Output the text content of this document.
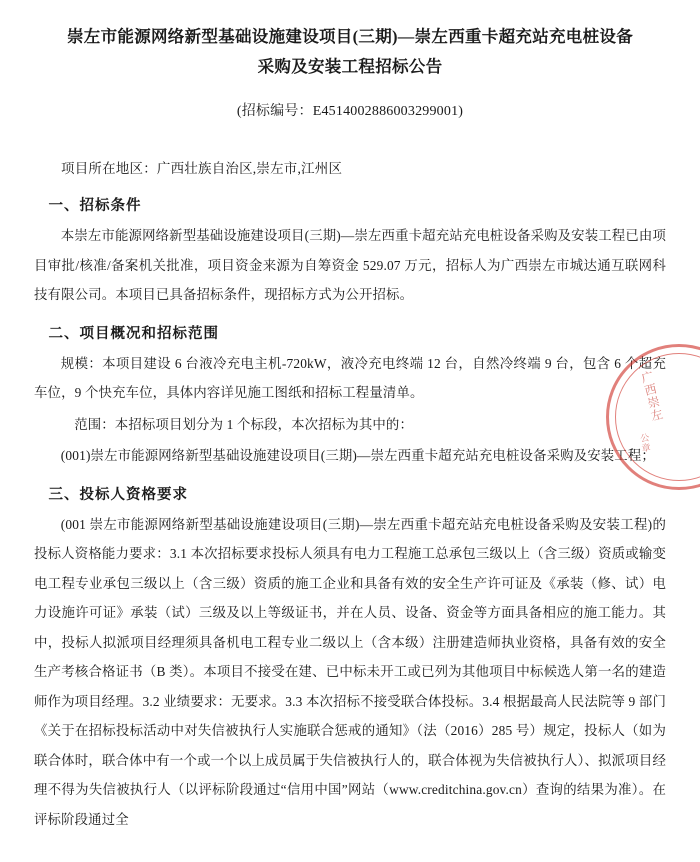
崇左市能源网络新型基础设施建设项目(三期)—崇左西重卡超充站充电桩设备采购及安装工程招标公告
(招标编号：E4514002886003299001)
项目所在地区：广西壮族自治区,崇左市,江州区
一、招标条件

本崇左市能源网络新型基础设施建设项目(三期)—崇左西重卡超充站充电桩设备采购及安装工程已由项目审批/核准/备案机关批准，项目资金来源为自筹资金 529.07 万元，招标人为广西崇左市城达通互联网科技有限公司。本项目已具备招标条件，现招标方式为公开招标。

二、项目概况和招标范围

规模：本项目建设 6 台液冷充电主机-720kW，液冷充电终端 12 台，自然冷终端 9 台，包含 6 个超充车位，9 个快充车位，具体内容详见施工图纸和招标工程量清单。

范围：本招标项目划分为 1 个标段，本次招标为其中的：

(001)崇左市能源网络新型基础设施建设项目(三期)—崇左西重卡超充站充电桩设备采购及安装工程；

三、投标人资格要求

(001 崇左市能源网络新型基础设施建设项目(三期)—崇左西重卡超充站充电桩设备采购及安装工程)的投标人资格能力要求：3.1 本次招标要求投标人须具有电力工程施工总承包三级以上（含三级）资质或输变电工程专业承包三级以上（含三级）资质的施工企业和具备有效的安全生产许可证及《承装（修、试）电力设施许可证》承装（试）三级及以上等级证书，并在人员、设备、资金等方面具备相应的施工能力。其中，投标人拟派项目经理须具备机电工程专业二级以上（含本级）注册建造师执业资格，具备有效的安全生产考核合格证书（B 类）。本项目不接受在建、已中标未开工或已列为其他项目中标候选人第一名的建造师作为项目经理。3.2 业绩要求：无要求。3.3 本次招标不接受联合体投标。3.4 根据最高人民法院等 9 部门《关于在招标投标活动中对失信被执行人实施联合惩戒的通知》（法（2016）285 号）规定，投标人（如为联合体时，联合体中有一个或一个以上成员属于失信被执行人的，联合体视为失信被执行人）、拟派项目经理不得为失信被执行人（以评标阶段通过“信用中国”网站（www.creditchina.gov.cn）查询的结果为准）。在评标阶段通过全

广西崇左
公章
